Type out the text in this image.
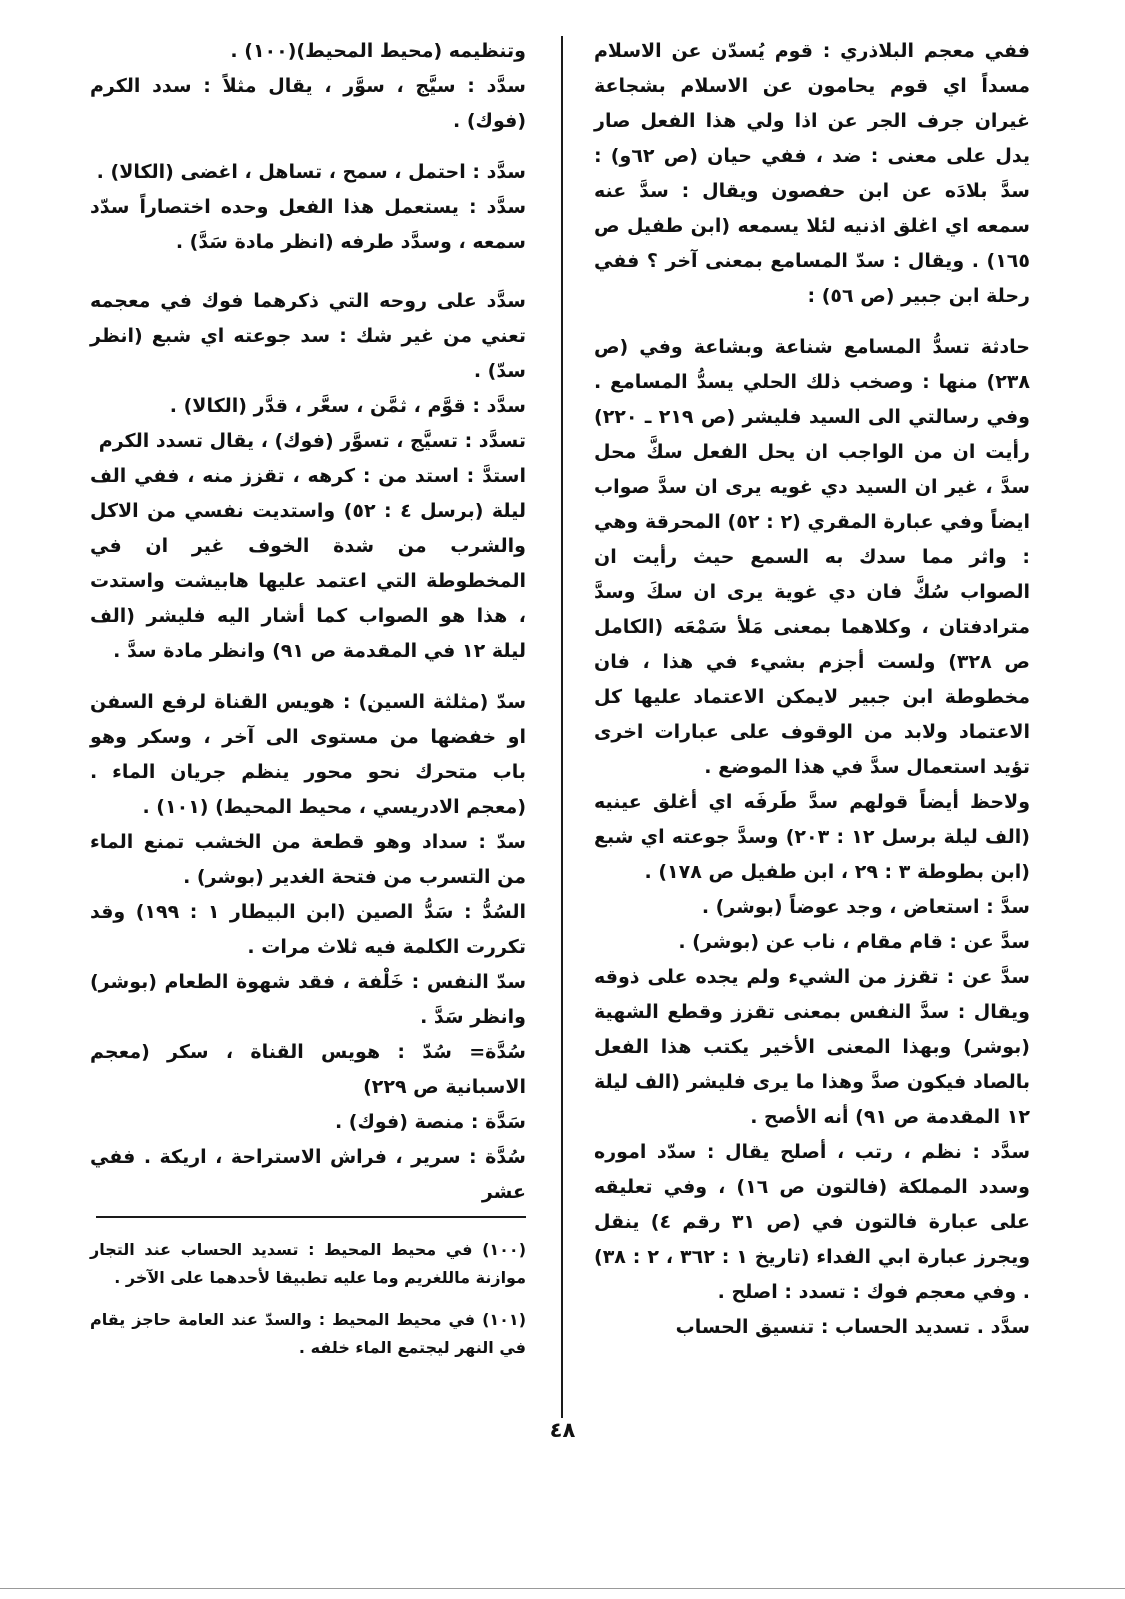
ففي معجم البلاذري : قوم يُسدّن عن الاسلام مسداً اي قوم يحامون عن الاسلام بشجاعة غيران جرف الجر عن اذا ولي هذا الفعل صار يدل على معنى : ضد ، ففي حيان (ص ٦٢و) : سدَّ بلادَه عن ابن حفصون ويقال : سدَّ عنه سمعه اي اغلق اذنيه لئلا يسمعه (ابن طفيل ص ١٦٥) . ويقال : سدّ المسامع بمعنى آخر ؟ ففي رحلة ابن جبير (ص ٥٦) :

حادثة تسدُّ المسامع شناعة وبشاعة وفي (ص ٢٣٨) منها : وصخب ذلك الحلي يسدُّ المسامع . وفي رسالتي الى السيد فليشر (ص ٢١٩ ـ ٢٢٠) رأيت ان من الواجب ان يحل الفعل سكَّ محل سدَّ ، غير ان السيد دي غويه يرى ان سدَّ صواب ايضاً وفي عبارة المقري (٢ : ٥٢) المحرقة وهي : واثر مما سدك به السمع حيث رأيت ان الصواب سُكَّ فان دي غوية يرى ان سكَ وسدَّ مترادفتان ، وكلاهما بمعنى مَلأ سَمْعَه (الكامل ص ٣٢٨) ولست أجزم بشيء في هذا ، فان مخطوطة ابن جبير لايمكن الاعتماد عليها كل الاعتماد ولابد من الوقوف على عبارات اخرى تؤيد استعمال سدَّ في هذا الموضع .

ولاحظ أيضاً قولهم سدَّ طَرفَه اي أغلق عينيه (الف ليلة برسل ١٢ : ٢٠٣) وسدَّ جوعته اي شبع (ابن بطوطة ٣ : ٢٩ ، ابن طفيل ص ١٧٨) .

سدَّ : استعاض ، وجد عوضاً (بوشر) .

سدَّ عن : قام مقام ، ناب عن (بوشر) .

سدَّ عن : تقزز من الشيء ولم يجده على ذوقه ويقال : سدَّ النفس بمعنى تقزز وقطع الشهية (بوشر) وبهذا المعنى الأخير يكتب هذا الفعل بالصاد فيكون صدَّ وهذا ما يرى فليشر (الف ليلة ١٢ المقدمة ص ٩١) أنه الأصح .

سدَّد : نظم ، رتب ، أصلح يقال : سدّد اموره وسدد المملكة (فالتون ص ١٦) ، وفي تعليقه على عبارة فالتون في (ص ٣١ رقم ٤) ينقل ويجرز عبارة ابي الفداء (تاريخ ١ : ٣٦٢ ، ٢ : ٣٨) . وفي معجم فوك : تسدد : اصلح .

سدَّد . تسديد الحساب : تنسيق الحساب

وتنظيمه (محيط المحيط)(١٠٠) .

سدَّد : سيَّج ، سوَّر ، يقال مثلاً : سدد الكرم (فوك) .

سدَّد : احتمل ، سمح ، تساهل ، اغضى (الكالا) .

سدَّد : يستعمل هذا الفعل وحده اختصاراً سدّد سمعه ، وسدَّد طرفه (انظر مادة سَدَّ) .

سدَّد على روحه التي ذكرهما فوك في معجمه تعني من غير شك : سد جوعته اي شبع (انظر سدّ) .

سدَّد : قوَّم ، ثمَّن ، سعَّر ، قدَّر (الكالا) .

تسدَّد : تسيَّج ، تسوَّر (فوك) ، يقال تسدد الكرم

استدَّ : استد من : كرهه ، تقزز منه ، ففي الف ليلة (برسل ٤ : ٥٢) واستديت نفسي من الاكل والشرب من شدة الخوف غير ان في المخطوطة التي اعتمد عليها هابيشت واستدت ، هذا هو الصواب كما أشار اليه فليشر (الف ليلة ١٢ في المقدمة ص ٩١) وانظر مادة سدَّ .

سدّ (مثلثة السين) : هويس القناة لرفع السفن او خفضها من مستوى الى آخر ، وسكر وهو باب متحرك نحو محور ينظم جريان الماء . (معجم الادريسي ، محيط المحيط) (١٠١) .

سدّ : سداد وهو قطعة من الخشب تمنع الماء من التسرب من فتحة الغدير (بوشر) .

السُدُّ : سَدُّ الصين (ابن البيطار ١ : ١٩٩) وقد تكررت الكلمة فيه ثلاث مرات .

سدّ النفس : خَلْفة ، فقد شهوة الطعام (بوشر) وانظر سَدَّ .

سُدَّة= سُدّ : هويس القناة ، سكر (معجم الاسبانية ص ٢٢٩)

سَدَّة : منصة (فوك) .

سُدَّة : سرير ، فراش الاستراحة ، اريكة . ففي عشر

(١٠٠) في محيط المحيط : تسديد الحساب عند التجار موازنة ماللغريم وما عليه تطبيقا لأحدهما على الآخر .

(١٠١) في محيط المحيط : والسدّ عند العامة حاجز يقام في النهر ليجتمع الماء خلفه .

٤٨
